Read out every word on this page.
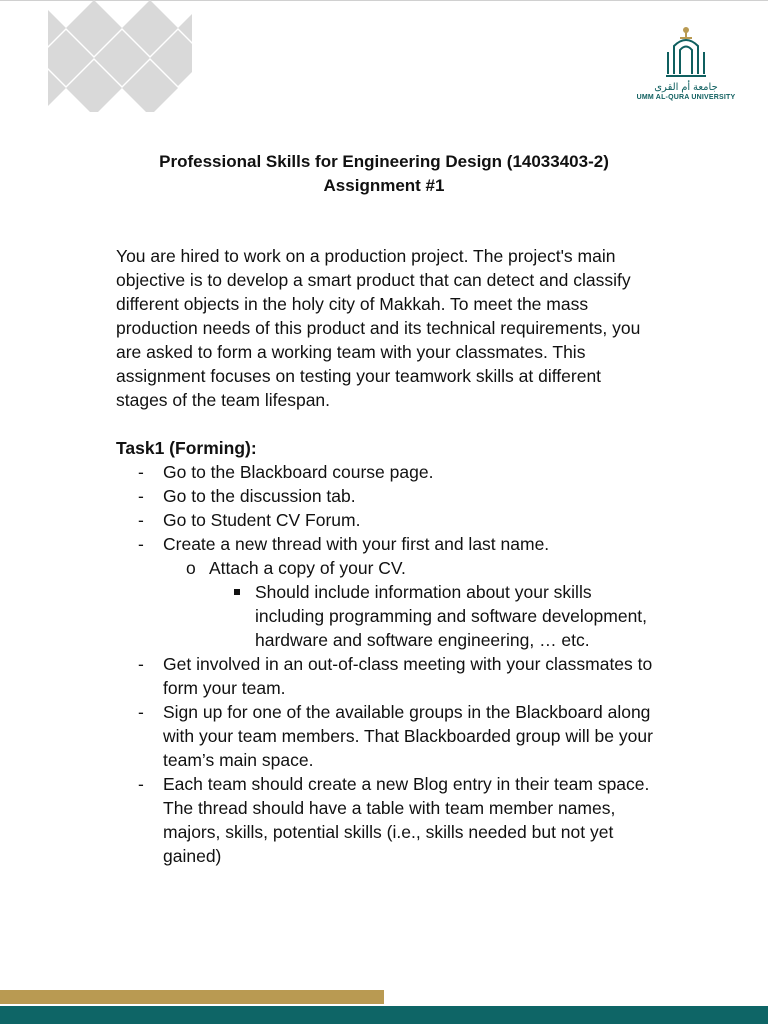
جامعة أم القرى
UMM AL-QURA UNIVERSITY
Professional Skills for Engineering Design (14033403-2)
Assignment #1

You are hired to work on a production project. The project's main objective is to develop a smart product that can detect and classify different objects in the holy city of Makkah. To meet the mass production needs of this product and its technical requirements, you are asked to form a working team with your classmates. This assignment focuses on testing your teamwork skills at different stages of the team lifespan.

Task1 (Forming):
- Go to the Blackboard course page.
- Go to the discussion tab.
- Go to Student CV Forum.
- Create a new thread with your first and last name.
o Attach a copy of your CV.
Should include information about your skills including programming and software development, hardware and software engineering, … etc.
- Get involved in an out-of-class meeting with your classmates to form your team.
- Sign up for one of the available groups in the Blackboard along with your team members. That Blackboarded group will be your team’s main space.
- Each team should create a new Blog entry in their team space. The thread should have a table with team member names, majors, skills, potential skills (i.e., skills needed but not yet gained)
